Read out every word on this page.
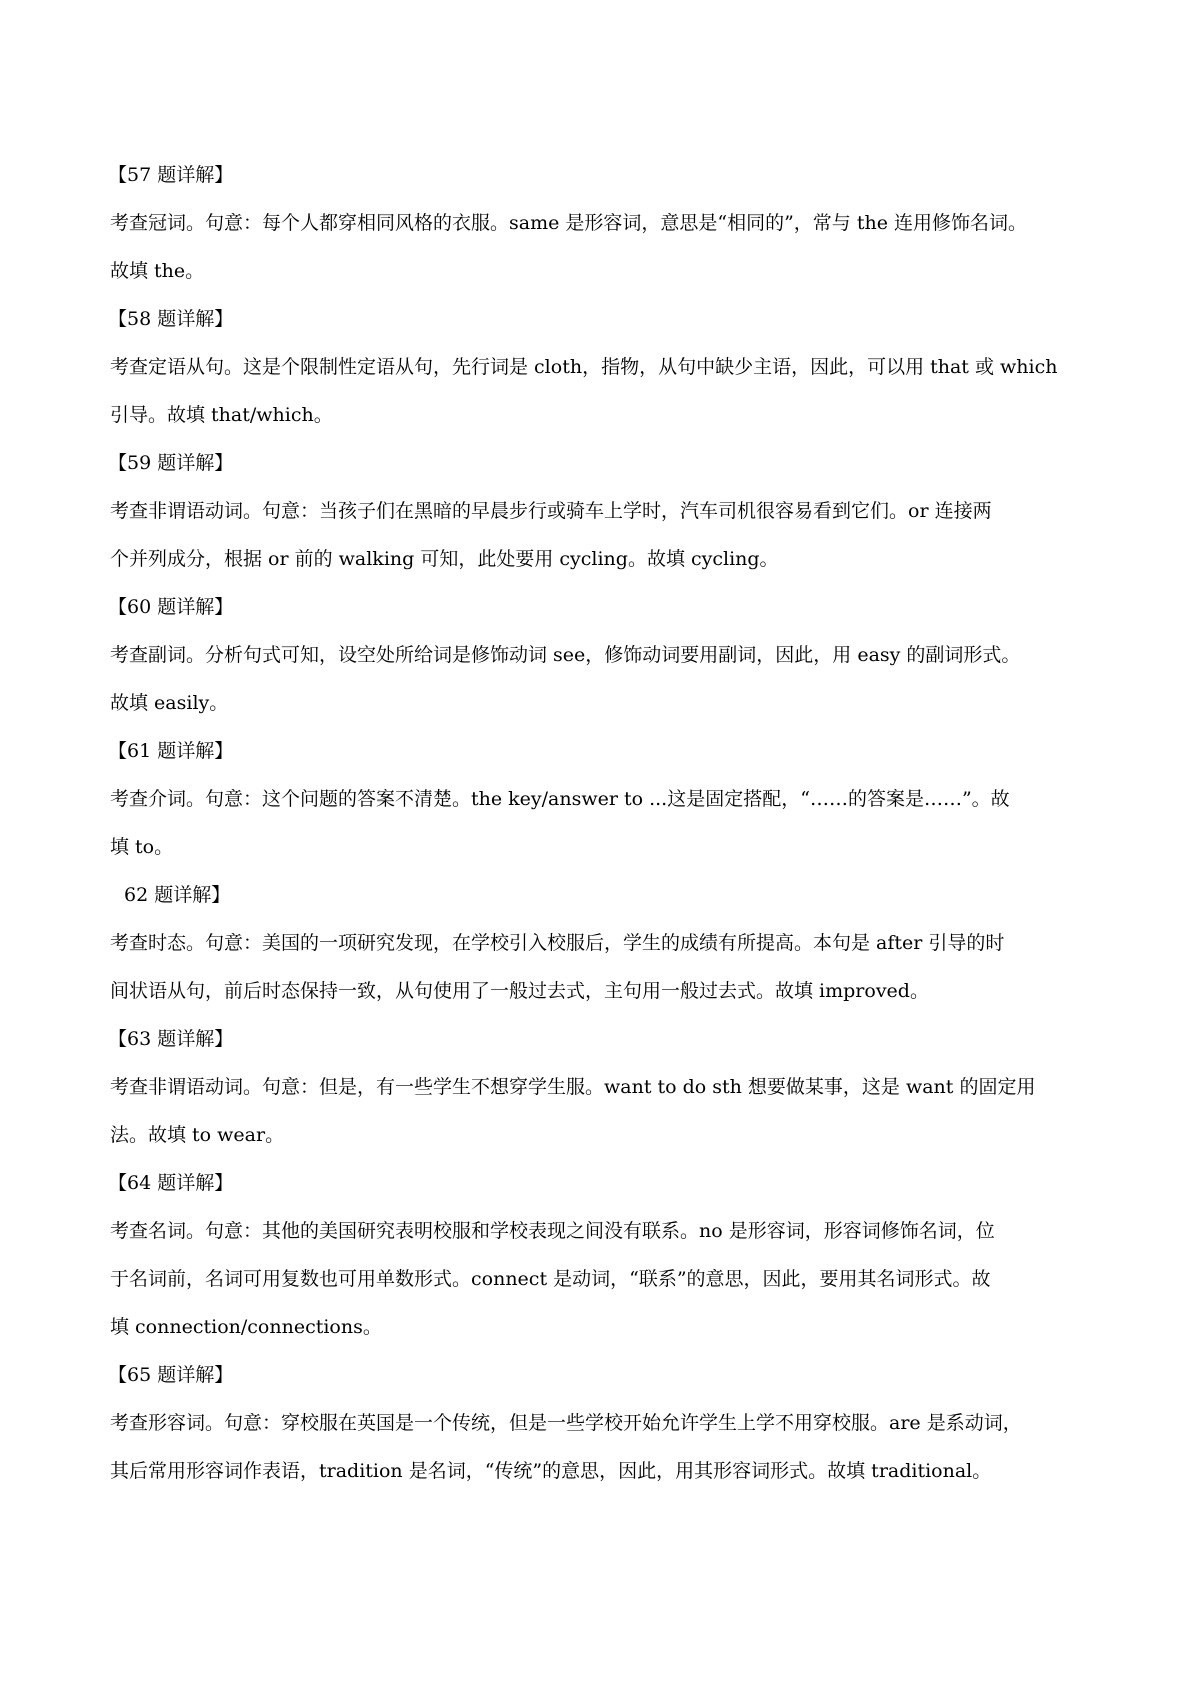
【57 题详解】
考查冠词。句意：每个人都穿相同风格的衣服。same 是形容词，意思是“相同的”，常与 the 连用修饰名词。
故填 the。
【58 题详解】
考查定语从句。这是个限制性定语从句，先行词是 cloth，指物，从句中缺少主语，因此，可以用 that 或 which
引导。故填 that/which。
【59 题详解】
考查非谓语动词。句意：当孩子们在黑暗的早晨步行或骑车上学时，汽车司机很容易看到它们。or 连接两
个并列成分，根据 or 前的 walking 可知，此处要用 cycling。故填 cycling。
【60 题详解】
考查副词。分析句式可知，设空处所给词是修饰动词 see，修饰动词要用副词，因此，用 easy 的副词形式。
故填 easily。
【61 题详解】
考查介词。句意：这个问题的答案不清楚。the key/answer to ...这是固定搭配，“……的答案是……”。故
填 to。
62 题详解】
考查时态。句意：美国的一项研究发现，在学校引入校服后，学生的成绩有所提高。本句是 after 引导的时
间状语从句，前后时态保持一致，从句使用了一般过去式，主句用一般过去式。故填 improved。
【63 题详解】
考查非谓语动词。句意：但是，有一些学生不想穿学生服。want to do sth 想要做某事，这是 want 的固定用
法。故填 to wear。
【64 题详解】
考查名词。句意：其他的美国研究表明校服和学校表现之间没有联系。no 是形容词，形容词修饰名词，位
于名词前，名词可用复数也可用单数形式。connect 是动词，“联系”的意思，因此，要用其名词形式。故
填 connection/connections。
【65 题详解】
考查形容词。句意：穿校服在英国是一个传统，但是一些学校开始允许学生上学不用穿校服。are 是系动词，
其后常用形容词作表语，tradition 是名词，“传统”的意思，因此，用其形容词形式。故填 traditional。
